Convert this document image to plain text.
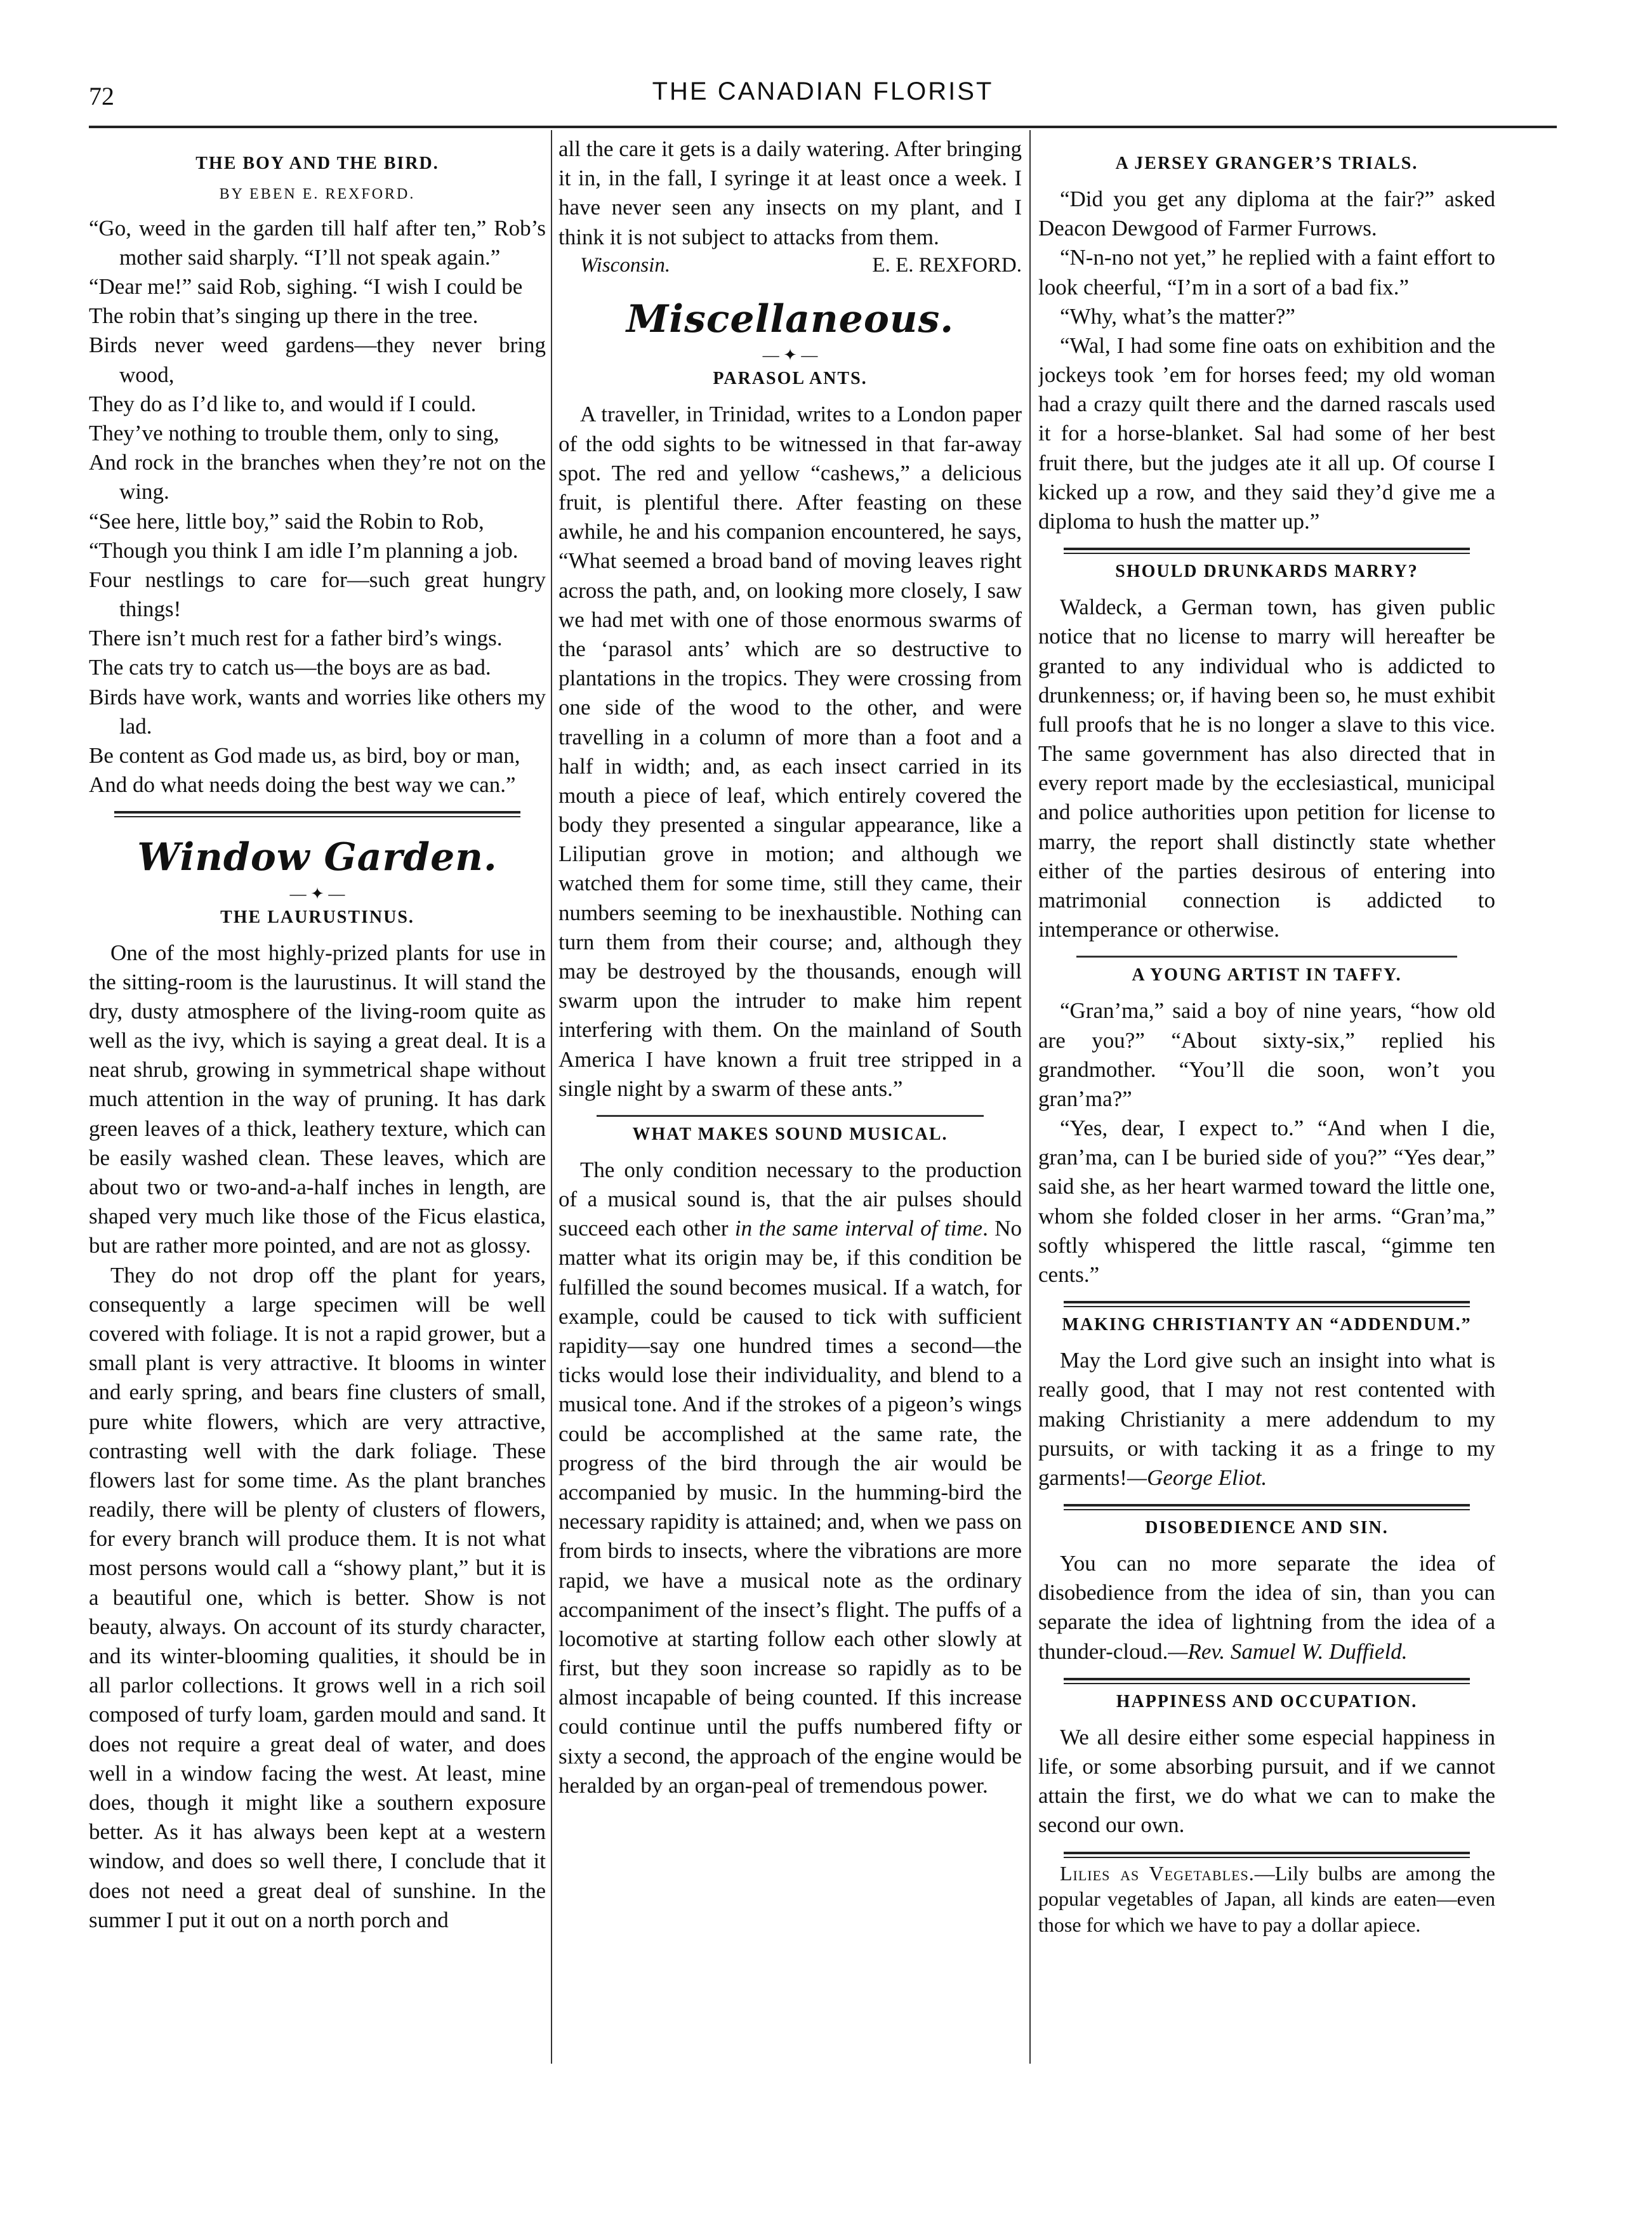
72	THE CANADIAN FLORIST
THE BOY AND THE BIRD.
BY EBEN E. REXFORD.

“Go, weed in the garden till half after ten,” Rob’s mother said sharply. “I’ll not speak again.”

“Dear me!” said Rob, sighing. “I wish I could be

The robin that’s singing up there in the tree.

Birds never weed gardens—they never bring wood,

They do as I’d like to, and would if I could.

They’ve nothing to trouble them, only to sing,

And rock in the branches when they’re not on the wing.

“See here, little boy,” said the Robin to Rob,

“Though you think I am idle I’m planning a job.

Four nestlings to care for—such great hungry things!

There isn’t much rest for a father bird’s wings.

The cats try to catch us—the boys are as bad.

Birds have work, wants and worries like others my lad.

Be content as God made us, as bird, boy or man,

And do what needs doing the best way we can.”

Window Garden.
— ✦ —
THE LAURUSTINUS.

One of the most highly-prized plants for use in the sitting-room is the laurustinus. It will stand the dry, dusty atmosphere of the living-room quite as well as the ivy, which is saying a great deal. It is a neat shrub, growing in symmetrical shape without much attention in the way of pruning. It has dark green leaves of a thick, leathery texture, which can be easily washed clean. These leaves, which are about two or two-and-a-half inches in length, are shaped very much like those of the Ficus elastica, but are rather more pointed, and are not as glossy.

They do not drop off the plant for years, consequently a large specimen will be well covered with foliage. It is not a rapid grower, but a small plant is very attractive. It blooms in winter and early spring, and bears fine clusters of small, pure white flowers, which are very attractive, contrasting well with the dark foliage. These flowers last for some time. As the plant branches readily, there will be plenty of clusters of flowers, for every branch will produce them. It is not what most persons would call a “showy plant,” but it is a beautiful one, which is better. Show is not beauty, always. On account of its sturdy character, and its winter-blooming qualities, it should be in all parlor collections. It grows well in a rich soil composed of turfy loam, garden mould and sand. It does not require a great deal of water, and does well in a window facing the west. At least, mine does, though it might like a southern exposure better. As it has always been kept at a western window, and does so well there, I conclude that it does not need a great deal of sunshine. In the summer I put it out on a north porch and

all the care it gets is a daily watering. After bringing it in, in the fall, I syringe it at least once a week. I have never seen any insects on my plant, and I think it is not subject to attacks from them.

Wisconsin.	E. E. REXFORD.
Miscellaneous.
— ✦ —
PARASOL ANTS.

A traveller, in Trinidad, writes to a London paper of the odd sights to be witnessed in that far-away spot. The red and yellow “cashews,” a delicious fruit, is plentiful there. After feasting on these awhile, he and his companion encountered, he says, “What seemed a broad band of moving leaves right across the path, and, on looking more closely, I saw we had met with one of those enormous swarms of the ‘parasol ants’ which are so destructive to plantations in the tropics. They were crossing from one side of the wood to the other, and were travelling in a column of more than a foot and a half in width; and, as each insect carried in its mouth a piece of leaf, which entirely covered the body they presented a singular appearance, like a Liliputian grove in motion; and although we watched them for some time, still they came, their numbers seeming to be inexhaustible. Nothing can turn them from their course; and, although they may be destroyed by the thousands, enough will swarm upon the intruder to make him repent interfering with them. On the mainland of South America I have known a fruit tree stripped in a single night by a swarm of these ants.”

WHAT MAKES SOUND MUSICAL.

The only condition necessary to the production of a musical sound is, that the air pulses should succeed each other in the same interval of time. No matter what its origin may be, if this condition be fulfilled the sound becomes musical. If a watch, for example, could be caused to tick with sufficient rapidity—say one hundred times a second—the ticks would lose their individuality, and blend to a musical tone. And if the strokes of a pigeon’s wings could be accomplished at the same rate, the progress of the bird through the air would be accompanied by music. In the humming-bird the necessary rapidity is attained; and, when we pass on from birds to insects, where the vibrations are more rapid, we have a musical note as the ordinary accompaniment of the insect’s flight. The puffs of a locomotive at starting follow each other slowly at first, but they soon increase so rapidly as to be almost incapable of being counted. If this increase could continue until the puffs numbered fifty or sixty a second, the approach of the engine would be heralded by an organ-peal of tremendous power.

A JERSEY GRANGER’S TRIALS.

“Did you get any diploma at the fair?” asked Deacon Dewgood of Farmer Furrows.

“N-n-no not yet,” he replied with a faint effort to look cheerful, “I’m in a sort of a bad fix.”

“Why, what’s the matter?”

“Wal, I had some fine oats on exhibition and the jockeys took ’em for horses feed; my old woman had a crazy quilt there and the darned rascals used it for a horse-blanket. Sal had some of her best fruit there, but the judges ate it all up. Of course I kicked up a row, and they said they’d give me a diploma to hush the matter up.”

SHOULD DRUNKARDS MARRY?

Waldeck, a German town, has given public notice that no license to marry will hereafter be granted to any individual who is addicted to drunkenness; or, if having been so, he must exhibit full proofs that he is no longer a slave to this vice. The same government has also directed that in every report made by the ecclesiastical, municipal and police authorities upon petition for license to marry, the report shall distinctly state whether either of the parties desirous of entering into matrimonial connection is addicted to intemperance or otherwise.

A YOUNG ARTIST IN TAFFY.

“Gran’ma,” said a boy of nine years, “how old are you?” “About sixty-six,” replied his grandmother. “You’ll die soon, won’t you gran’ma?”

“Yes, dear, I expect to.” “And when I die, gran’ma, can I be buried side of you?” “Yes dear,” said she, as her heart warmed toward the little one, whom she folded closer in her arms. “Gran’ma,” softly whispered the little rascal, “gimme ten cents.”

MAKING CHRISTIANTY AN “ADDENDUM.”

May the Lord give such an insight into what is really good, that I may not rest contented with making Christianity a mere addendum to my pursuits, or with tacking it as a fringe to my garments!—George Eliot.

DISOBEDIENCE AND SIN.

You can no more separate the idea of disobedience from the idea of sin, than you can separate the idea of lightning from the idea of a thunder-cloud.—Rev. Samuel W. Duffield.

HAPPINESS AND OCCUPATION.

We all desire either some especial happiness in life, or some absorbing pursuit, and if we cannot attain the first, we do what we can to make the second our own.

Lilies as Vegetables.—Lily bulbs are among the popular vegetables of Japan, all kinds are eaten—even those for which we have to pay a dollar apiece.
